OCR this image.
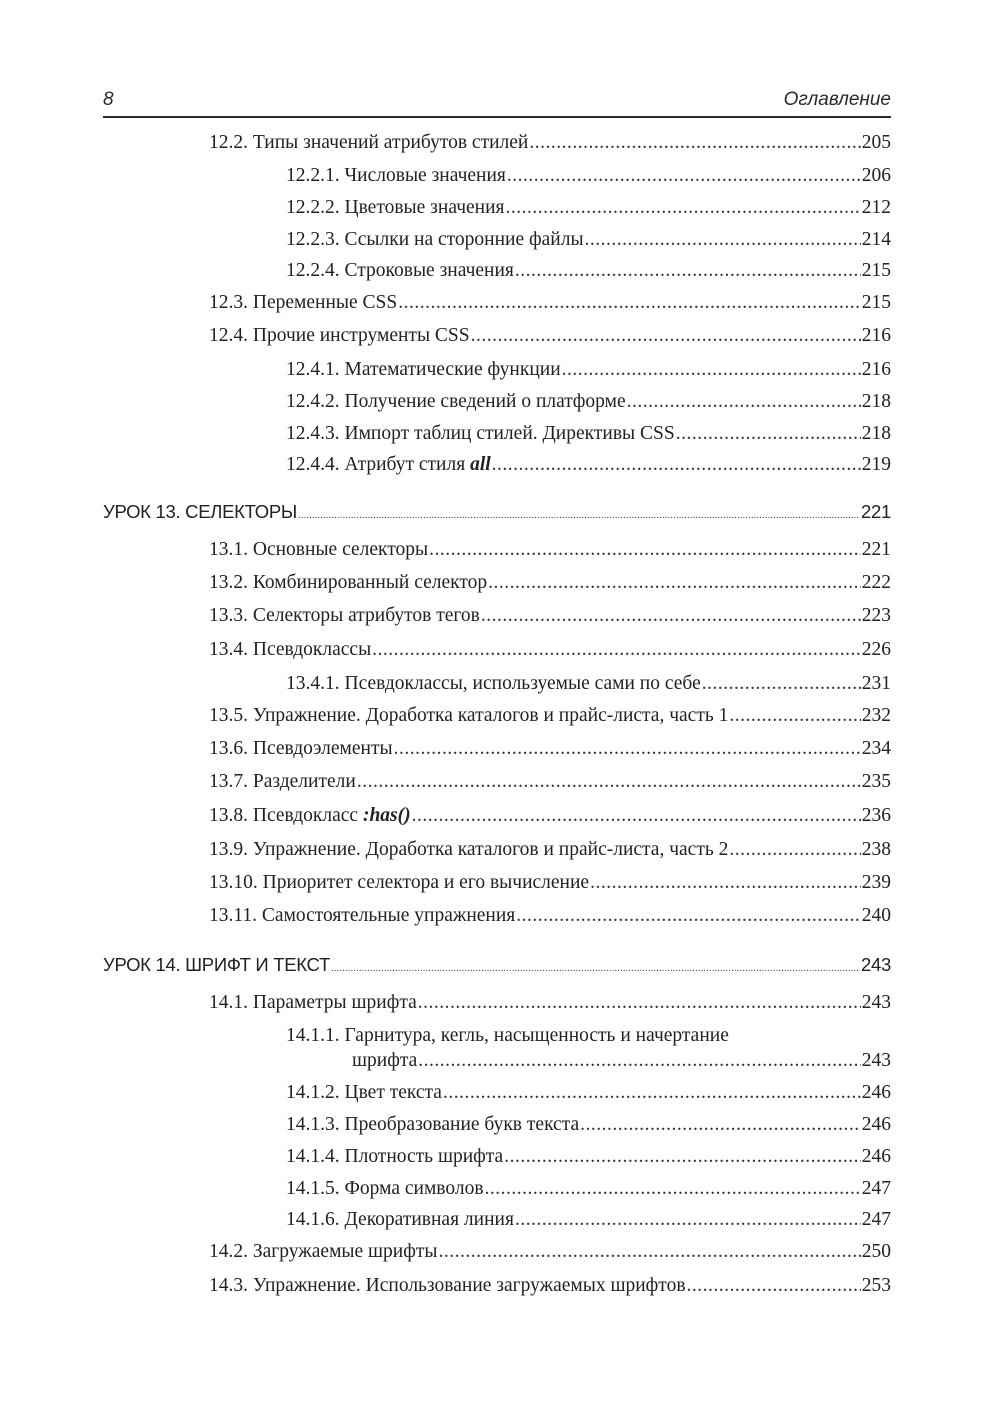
8	Оглавление
12.2. Типы значений атрибутов стилей .....	205
12.2.1. Числовые значения .....	206
12.2.2. Цветовые значения .....	212
12.2.3. Ссылки на сторонние файлы .....	214
12.2.4. Строковые значения .....	215
12.3. Переменные CSS .....	215
12.4. Прочие инструменты CSS .....	216
12.4.1. Математические функции .....	216
12.4.2. Получение сведений о платформе .....	218
12.4.3. Импорт таблиц стилей. Директивы CSS .....	218
12.4.4. Атрибут стиля all .....	219
УРОК 13. СЕЛЕКТОРЫ .....	221
13.1. Основные селекторы .....	221
13.2. Комбинированный селектор .....	222
13.3. Селекторы атрибутов тегов .....	223
13.4. Псевдоклассы .....	226
13.4.1. Псевдоклассы, используемые сами по себе .....	231
13.5. Упражнение. Доработка каталогов и прайс-листа, часть 1 .....	232
13.6. Псевдоэлементы .....	234
13.7. Разделители .....	235
13.8. Псевдокласс :has() .....	236
13.9. Упражнение. Доработка каталогов и прайс-листа, часть 2 .....	238
13.10. Приоритет селектора и его вычисление .....	239
13.11. Самостоятельные упражнения .....	240
УРОК 14. ШРИФТ И ТЕКСТ .....	243
14.1. Параметры шрифта .....	243
14.1.1. Гарнитура, кегль, насыщенность и начертание
шрифта .....	243
14.1.2. Цвет текста .....	246
14.1.3. Преобразование букв текста .....	246
14.1.4. Плотность шрифта .....	246
14.1.5. Форма символов .....	247
14.1.6. Декоративная линия .....	247
14.2. Загружаемые шрифты .....	250
14.3. Упражнение. Использование загружаемых шрифтов .....	253
